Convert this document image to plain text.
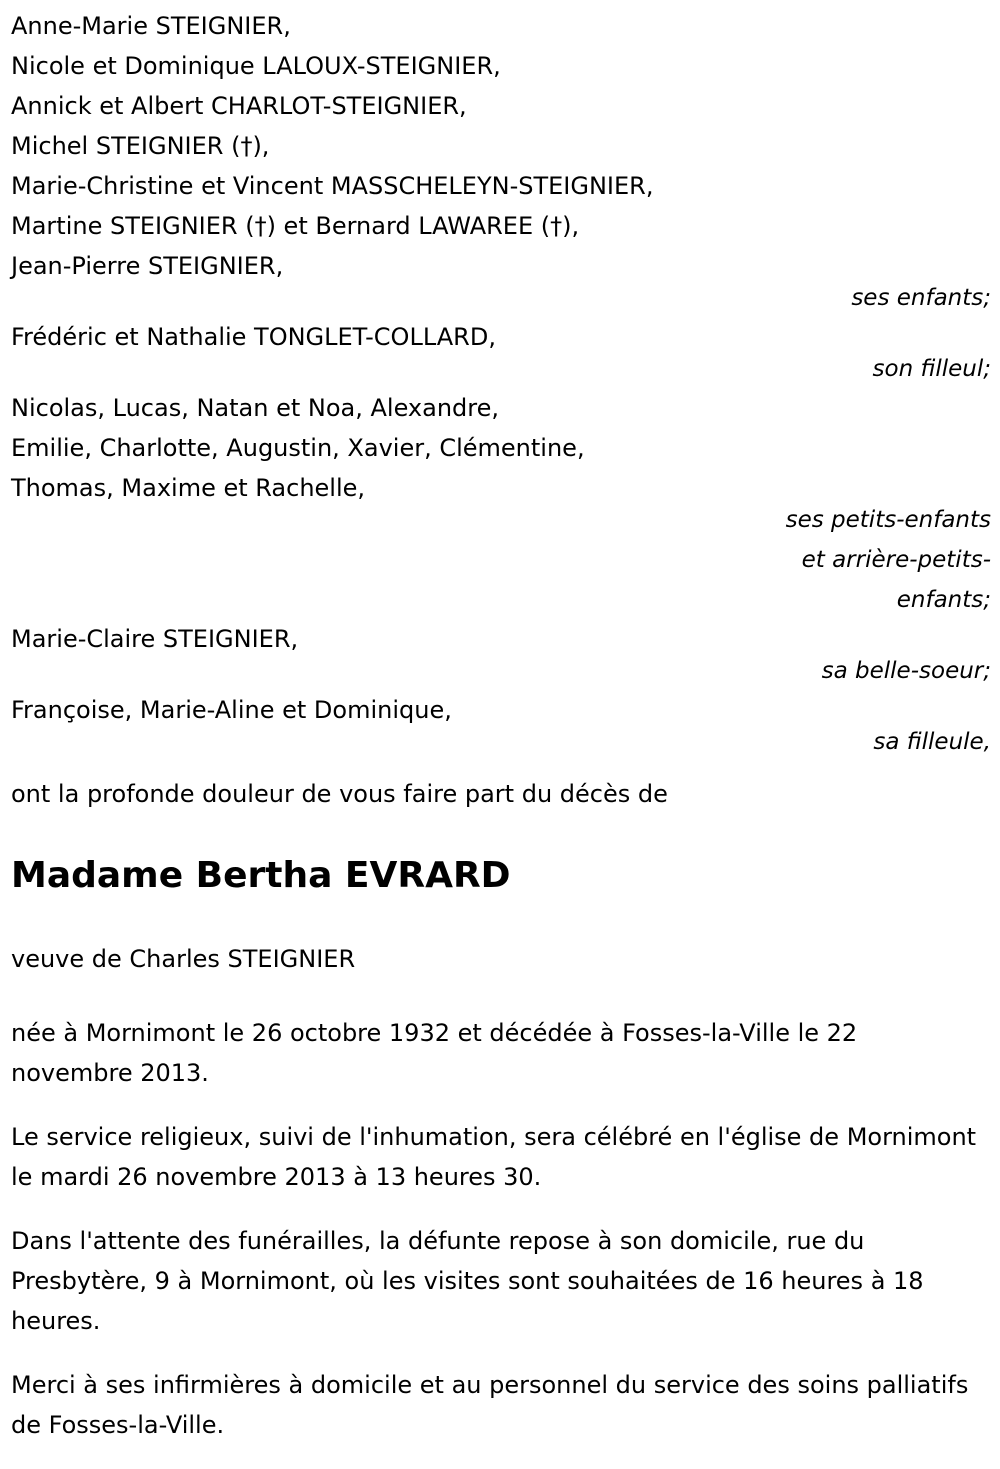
Anne-Marie STEIGNIER,
Nicole et Dominique LALOUX-STEIGNIER,
Annick et Albert CHARLOT-STEIGNIER,
Michel STEIGNIER (†),
Marie-Christine et Vincent MASSCHELEYN-STEIGNIER,
Martine STEIGNIER (†) et Bernard LAWAREE (†),
Jean-Pierre STEIGNIER,
ses enfants;
Frédéric et Nathalie TONGLET-COLLARD,
son filleul;
Nicolas, Lucas, Natan et Noa, Alexandre,
Emilie, Charlotte, Augustin, Xavier, Clémentine,
Thomas, Maxime et Rachelle,
ses petits-enfants
et arrière-petits-
enfants;
Marie-Claire STEIGNIER,
sa belle-soeur;
Françoise, Marie-Aline et Dominique,
sa filleule,
ont la profonde douleur de vous faire part du décès de
Madame Bertha EVRARD
veuve de Charles STEIGNIER

née à Mornimont le 26 octobre 1932 et décédée à Fosses-la-Ville le 22 novembre 2013.

Le service religieux, suivi de l'inhumation, sera célébré en l'église de Mornimont le mardi 26 novembre 2013 à 13 heures 30.

Dans l'attente des funérailles, la défunte repose à son domicile, rue du Presbytère, 9 à Mornimont, où les visites sont souhaitées de 16 heures à 18 heures.

Merci à ses infirmières à domicile et au personnel du service des soins palliatifs de Fosses-la-Ville.
